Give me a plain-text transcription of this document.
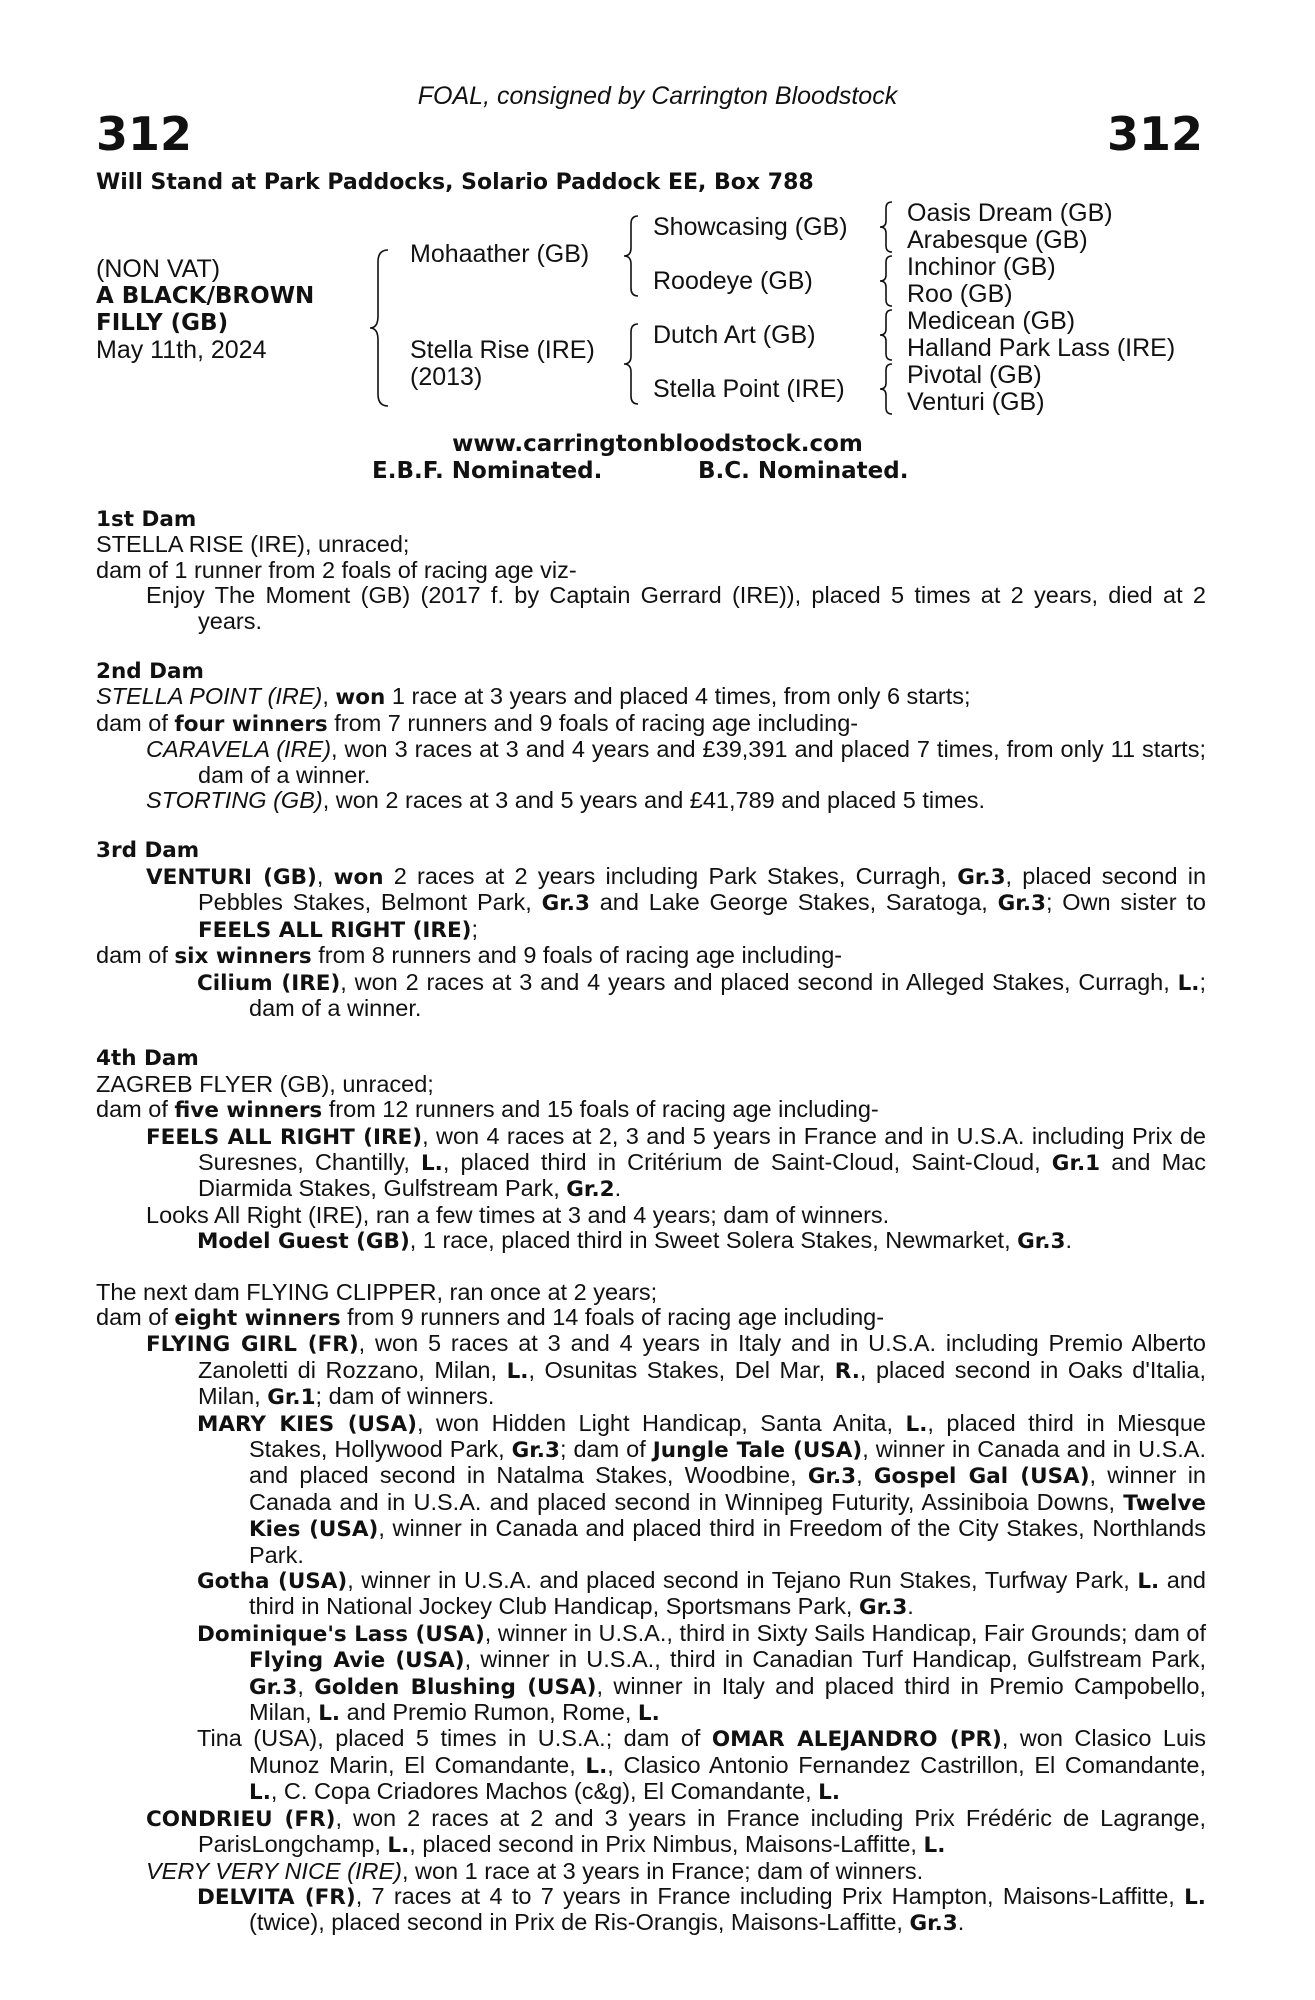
FOAL, consigned by Carrington Bloodstock
312	312
Will Stand at Park Paddocks, Solario Paddock EE, Box 788
(NON VAT)
A BLACK/BROWN
FILLY (GB)
May 11th, 2024
Mohaather (GB)
Stella Rise (IRE)
(2013)
Showcasing (GB)
Roodeye (GB)
Dutch Art (GB)
Stella Point (IRE)
Oasis Dream (GB)
Arabesque (GB)
Inchinor (GB)
Roo (GB)
Medicean (GB)
Halland Park Lass (IRE)
Pivotal (GB)
Venturi (GB)
www.carringtonbloodstock.com
E.B.F. Nominated.	B.C. Nominated.
1st Dam
STELLA RISE (IRE), unraced;
dam of 1 runner from 2 foals of racing age viz-
Enjoy The Moment (GB) (2017 f. by Captain Gerrard (IRE)), placed 5 times at 2 years, died at 2 years.
2nd Dam
STELLA POINT (IRE), won 1 race at 3 years and placed 4 times, from only 6 starts;
dam of four winners from 7 runners and 9 foals of racing age including-
CARAVELA (IRE), won 3 races at 3 and 4 years and £39,391 and placed 7 times, from only 11 starts; dam of a winner.
STORTING (GB), won 2 races at 3 and 5 years and £41,789 and placed 5 times.
3rd Dam
VENTURI (GB), won 2 races at 2 years including Park Stakes, Curragh, Gr.3, placed second in Pebbles Stakes, Belmont Park, Gr.3 and Lake George Stakes, Saratoga, Gr.3; Own sister to FEELS ALL RIGHT (IRE);
dam of six winners from 8 runners and 9 foals of racing age including-
Cilium (IRE), won 2 races at 3 and 4 years and placed second in Alleged Stakes, Curragh, L.; dam of a winner.
4th Dam
ZAGREB FLYER (GB), unraced;
dam of five winners from 12 runners and 15 foals of racing age including-
FEELS ALL RIGHT (IRE), won 4 races at 2, 3 and 5 years in France and in U.S.A. including Prix de Suresnes, Chantilly, L., placed third in Critérium de Saint-Cloud, Saint-Cloud, Gr.1 and Mac Diarmida Stakes, Gulfstream Park, Gr.2.
Looks All Right (IRE), ran a few times at 3 and 4 years; dam of winners.
Model Guest (GB), 1 race, placed third in Sweet Solera Stakes, Newmarket, Gr.3.
The next dam FLYING CLIPPER, ran once at 2 years;
dam of eight winners from 9 runners and 14 foals of racing age including-
FLYING GIRL (FR), won 5 races at 3 and 4 years in Italy and in U.S.A. including Premio Alberto Zanoletti di Rozzano, Milan, L., Osunitas Stakes, Del Mar, R., placed second in Oaks d'Italia, Milan, Gr.1; dam of winners.
MARY KIES (USA), won Hidden Light Handicap, Santa Anita, L., placed third in Miesque Stakes, Hollywood Park, Gr.3; dam of Jungle Tale (USA), winner in Canada and in U.S.A. and placed second in Natalma Stakes, Woodbine, Gr.3, Gospel Gal (USA), winner in Canada and in U.S.A. and placed second in Winnipeg Futurity, Assiniboia Downs, Twelve Kies (USA), winner in Canada and placed third in Freedom of the City Stakes, Northlands Park.
Gotha (USA), winner in U.S.A. and placed second in Tejano Run Stakes, Turfway Park, L. and third in National Jockey Club Handicap, Sportsmans Park, Gr.3.
Dominique's Lass (USA), winner in U.S.A., third in Sixty Sails Handicap, Fair Grounds; dam of Flying Avie (USA), winner in U.S.A., third in Canadian Turf Handicap, Gulfstream Park, Gr.3, Golden Blushing (USA), winner in Italy and placed third in Premio Campobello, Milan, L. and Premio Rumon, Rome, L.
Tina (USA), placed 5 times in U.S.A.; dam of OMAR ALEJANDRO (PR), won Clasico Luis Munoz Marin, El Comandante, L., Clasico Antonio Fernandez Castrillon, El Comandante, L., C. Copa Criadores Machos (c&g), El Comandante, L.
CONDRIEU (FR), won 2 races at 2 and 3 years in France including Prix Frédéric de Lagrange, ParisLongchamp, L., placed second in Prix Nimbus, Maisons-Laffitte, L.
VERY VERY NICE (IRE), won 1 race at 3 years in France; dam of winners.
DELVITA (FR), 7 races at 4 to 7 years in France including Prix Hampton, Maisons-Laffitte, L. (twice), placed second in Prix de Ris-Orangis, Maisons-Laffitte, Gr.3.
